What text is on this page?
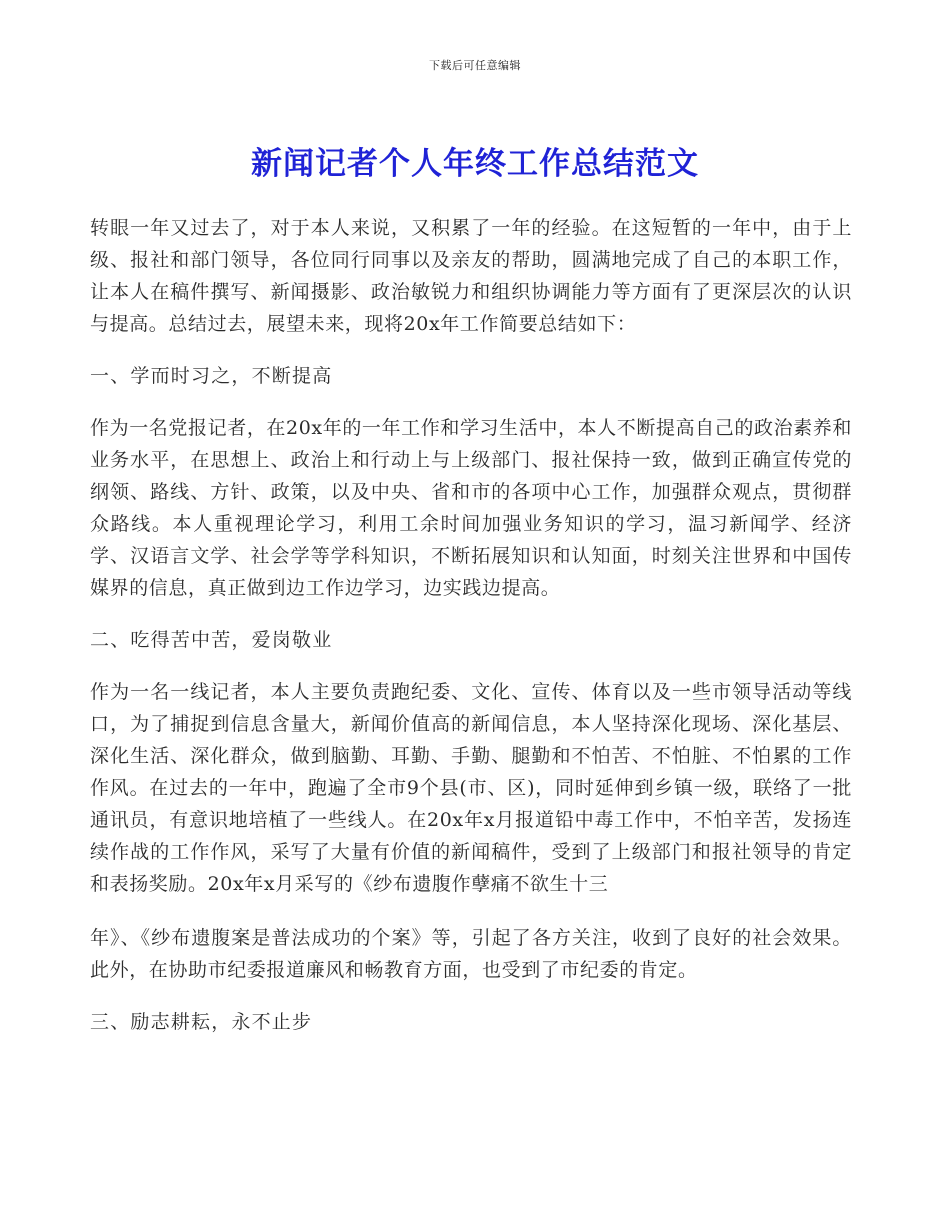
下载后可任意编辑
新闻记者个人年终工作总结范文

转眼一年又过去了，对于本人来说，又积累了一年的经验。在这短暂的一年中，由于上级、报社和部门领导，各位同行同事以及亲友的帮助，圆满地完成了自己的本职工作，让本人在稿件撰写、新闻摄影、政治敏锐力和组织协调能力等方面有了更深层次的认识与提高。总结过去，展望未来，现将20x年工作简要总结如下：

一、学而时习之，不断提高

作为一名党报记者，在20x年的一年工作和学习生活中，本人不断提高自己的政治素养和业务水平，在思想上、政治上和行动上与上级部门、报社保持一致，做到正确宣传党的纲领、路线、方针、政策，以及中央、省和市的各项中心工作，加强群众观点，贯彻群众路线。本人重视理论学习，利用工余时间加强业务知识的学习，温习新闻学、经济学、汉语言文学、社会学等学科知识，不断拓展知识和认知面，时刻关注世界和中国传媒界的信息，真正做到边工作边学习，边实践边提高。

二、吃得苦中苦，爱岗敬业

作为一名一线记者，本人主要负责跑纪委、文化、宣传、体育以及一些市领导活动等线口，为了捕捉到信息含量大，新闻价值高的新闻信息，本人坚持深化现场、深化基层、深化生活、深化群众，做到脑勤、耳勤、手勤、腿勤和不怕苦、不怕脏、不怕累的工作作风。在过去的一年中，跑遍了全市9个县(市、区)，同时延伸到乡镇一级，联络了一批通讯员，有意识地培植了一些线人。在20x年x月报道铅中毒工作中，不怕辛苦，发扬连续作战的工作作风，采写了大量有价值的新闻稿件，受到了上级部门和报社领导的肯定和表扬奖励。20x年x月采写的《纱布遗腹作孽痛不欲生十三

年》、《纱布遗腹案是普法成功的个案》等，引起了各方关注，收到了良好的社会效果。此外，在协助市纪委报道廉风和畅教育方面，也受到了市纪委的肯定。

三、励志耕耘，永不止步
